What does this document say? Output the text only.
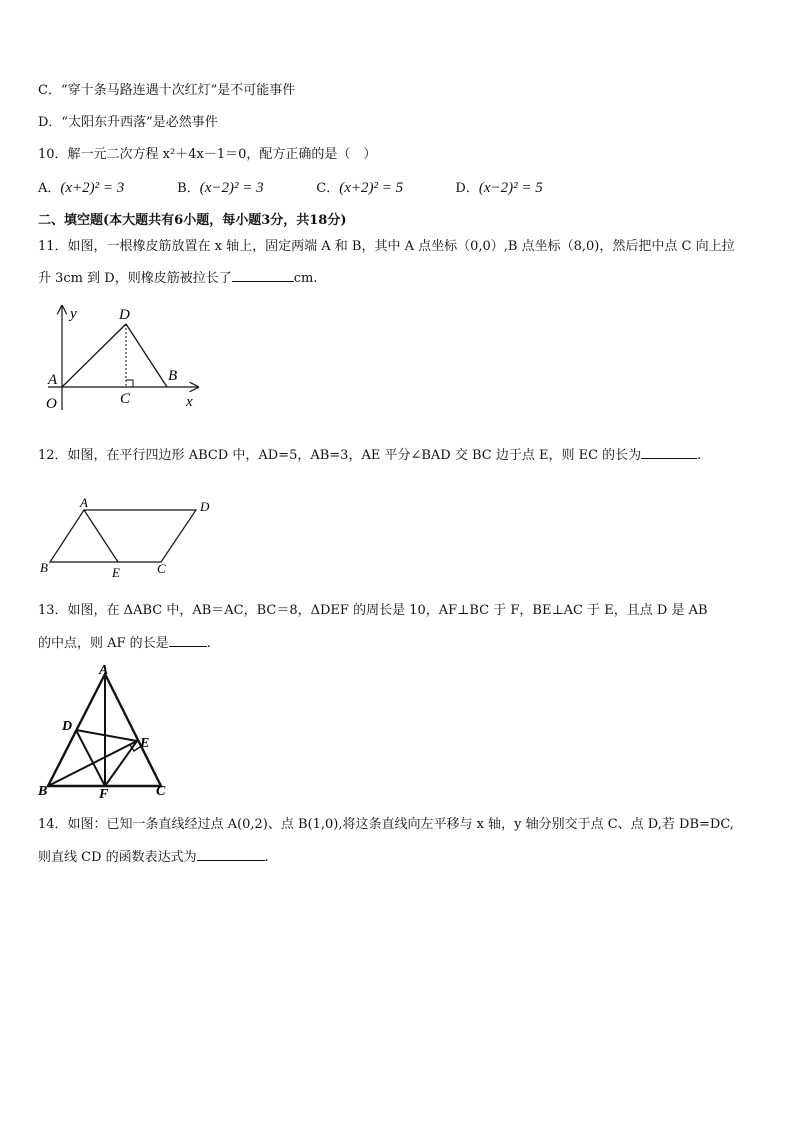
C．“穿十条马路连遇十次红灯”是不可能事件
D．“太阳东升西落”是必然事件
10．解一元二次方程 x²＋4x－1＝0，配方正确的是（　）
A．(x+2)² = 3	B．(x−2)² = 3	C．(x+2)² = 5	D．(x−2)² = 5
二、填空题(本大题共有6小题，每小题3分，共18分)
11．如图，一根橡皮筋放置在 x 轴上，固定两端 A 和 B，其中 A 点坐标（0,0）,B 点坐标（8,0)，然后把中点 C 向上拉
升 3cm 到 D，则橡皮筋被拉长了	cm.
y	D
A	B
O	C	x
12．如图，在平行四边形 ABCD 中，AD=5，AB=3，AE 平分∠BAD 交 BC 边于点 E，则 EC 的长为	.
A	D
B	E	C
13．如图，在 ΔABC 中，AB＝AC，BC＝8，ΔDEF 的周长是 10，AF⊥BC 于 F，BE⊥AC 于 E，且点 D 是 AB
的中点，则 AF 的长是	.
A
D
E
B	F	C
14．如图：已知一条直线经过点 A(0,2)、点 B(1,0),将这条直线向左平移与 x 轴，y 轴分别交于点 C、点 D,若 DB=DC,
则直线 CD 的函数表达式为	.
